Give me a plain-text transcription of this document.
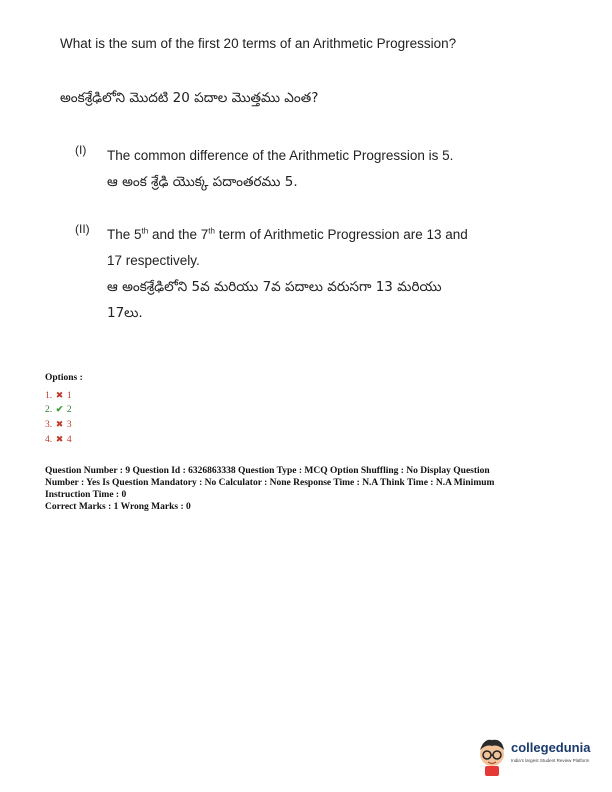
What is the sum of the first 20 terms of an Arithmetic Progression?
అంకశ్రేఢిలోని మొదటి 20 పదాల మొత్తము ఎంత?
(I) The common difference of the Arithmetic Progression is 5.
ఆ అంక శ్రేఢి యొక్క పదాంతరము 5.
(II) The 5th and the 7th term of Arithmetic Progression are 13 and
17 respectively.
ఆ అంకశ్రేఢిలోని 5వ మరియు 7వ పదాలు వరుసగా 13 మరియు
17లు.
Options :
1. ✖ 1
2. ✔ 2
3. ✖ 3
4. ✖ 4
Question Number : 9 Question Id : 6326863338 Question Type : MCQ Option Shuffling : No Display Question
Number : Yes Is Question Mandatory : No Calculator : None Response Time : N.A Think Time : N.A Minimum
Instruction Time : 0
Correct Marks : 1 Wrong Marks : 0
collegedunia
India's largest Student Review Platform
